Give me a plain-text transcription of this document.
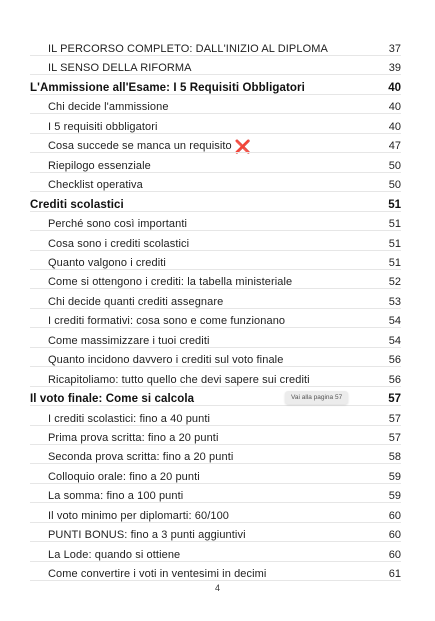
IL PERCORSO COMPLETO: DALL'INIZIO AL DIPLOMA	37
IL SENSO DELLA RIFORMA	39
L'Ammissione all'Esame: I 5 Requisiti Obbligatori	40
Chi decide l'ammissione	40
I 5 requisiti obbligatori	40
Cosa succede se manca un requisito ❌	47
Riepilogo essenziale	50
Checklist operativa	50
Crediti scolastici	51
Perché sono così importanti	51
Cosa sono i crediti scolastici	51
Quanto valgono i crediti	51
Come si ottengono i crediti: la tabella ministeriale	52
Chi decide quanti crediti assegnare	53
I crediti formativi: cosa sono e come funzionano	54
Come massimizzare i tuoi crediti	54
Quanto incidono davvero i crediti sul voto finale	56
Ricapitoliamo: tutto quello che devi sapere sui crediti	56
Il voto finale: Come si calcola	57
I crediti scolastici: fino a 40 punti	57
Prima prova scritta: fino a 20 punti	57
Seconda prova scritta: fino a 20 punti	58
Colloquio orale: fino a 20 punti	59
La somma: fino a 100 punti	59
Il voto minimo per diplomarti: 60/100	60
PUNTI BONUS: fino a 3 punti aggiuntivi	60
La Lode: quando si ottiene	60
Come convertire i voti in ventesimi in decimi	61
Vai alla pagina 57
4
